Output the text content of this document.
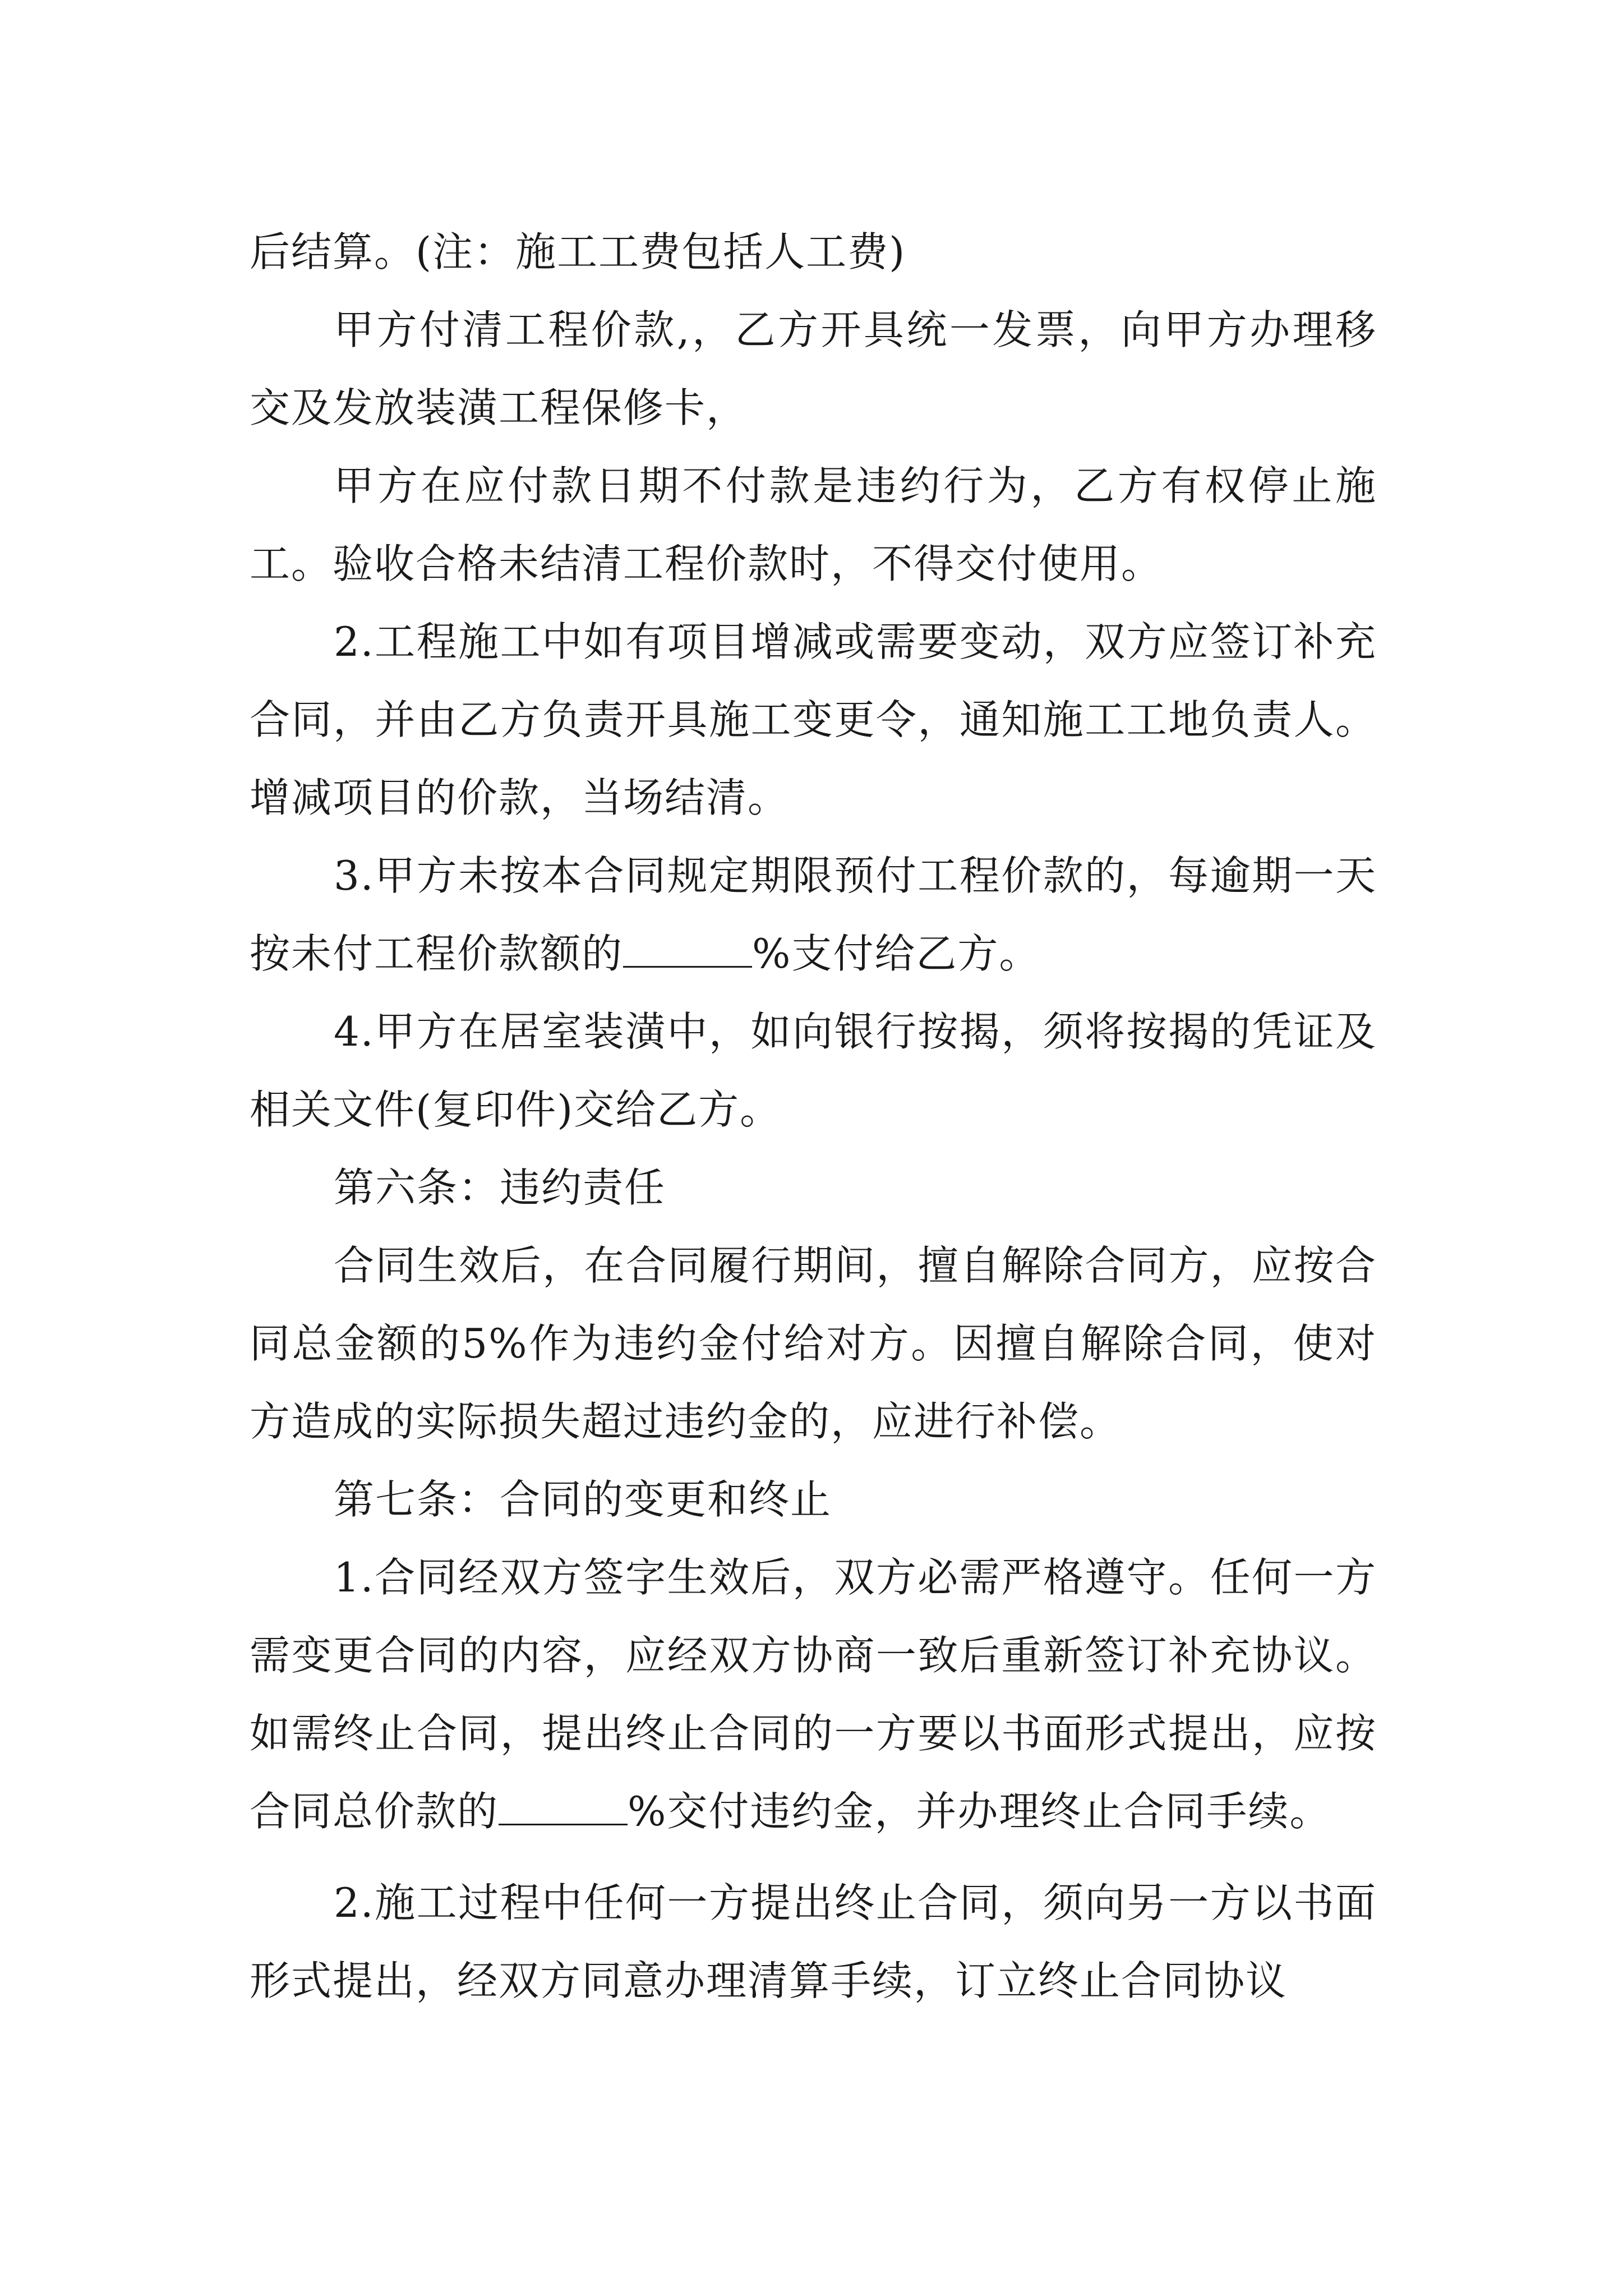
后结算。(注：施工工费包括人工费)

甲方付清工程价款,，乙方开具统一发票，向甲方办理移交及发放装潢工程保修卡，

甲方在应付款日期不付款是违约行为，乙方有权停止施工。验收合格未结清工程价款时，不得交付使用。

2.工程施工中如有项目增减或需要变动，双方应签订补充合同，并由乙方负责开具施工变更令，通知施工工地负责人。增减项目的价款，当场结清。

3.甲方未按本合同规定期限预付工程价款的，每逾期一天按未付工程价款额的	%支付给乙方。

4.甲方在居室装潢中，如向银行按揭，须将按揭的凭证及相关文件(复印件)交给乙方。

第六条：违约责任

合同生效后，在合同履行期间，擅自解除合同方，应按合同总金额的5%作为违约金付给对方。因擅自解除合同，使对方造成的实际损失超过违约金的，应进行补偿。

第七条：合同的变更和终止

1.合同经双方签字生效后，双方必需严格遵守。任何一方需变更合同的内容，应经双方协商一致后重新签订补充协议。如需终止合同，提出终止合同的一方要以书面形式提出，应按合同总价款的	%交付违约金，并办理终止合同手续。

2.施工过程中任何一方提出终止合同，须向另一方以书面形式提出，经双方同意办理清算手续，订立终止合同协议
